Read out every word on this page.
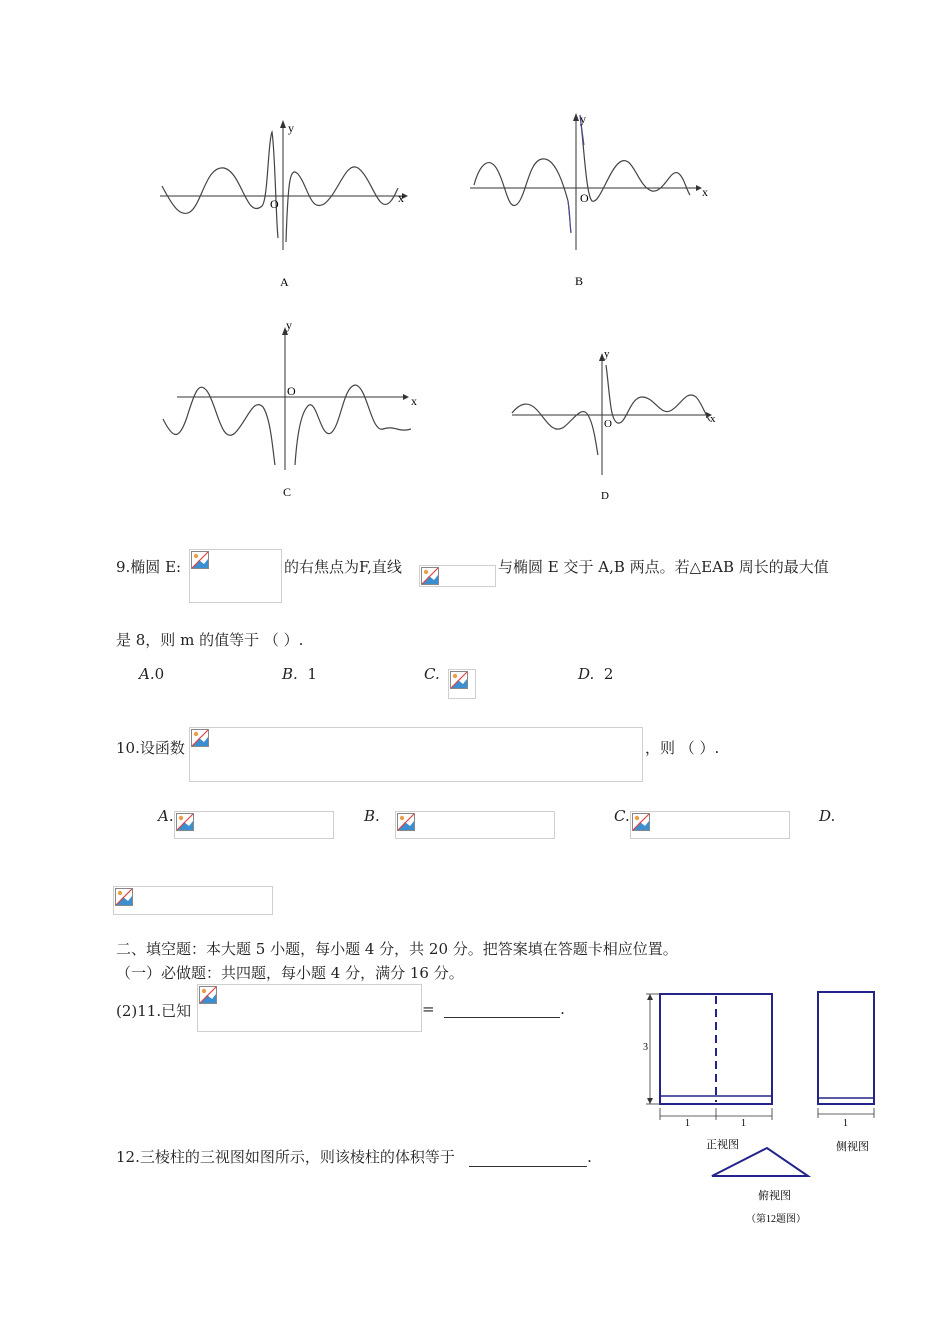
y
x
O
A
y
x
O
B
y
x
O
C
y
x
O
D
9.椭圆 E:	的右焦点为F,直线	与椭圆 E 交于 A,B 两点。若△EAB 周长的最大值
是 8，则 m 的值等于 （ ）.
A.0	B. 1	C.	D. 2
10.设函数	，则 （ ）.
A.	B.	C.	D.
二、填空题：本大题 5 小题，每小题 4 分，共 20 分。把答案填在答题卡相应位置。
（一）必做题：共四题，每小题 4 分，满分 16 分。
(2)11.已知	=	.
12.三棱柱的三视图如图所示，则该棱柱的体积等于	.
3
1	1
正视图
1
侧视图
俯视图
（第12题图）
